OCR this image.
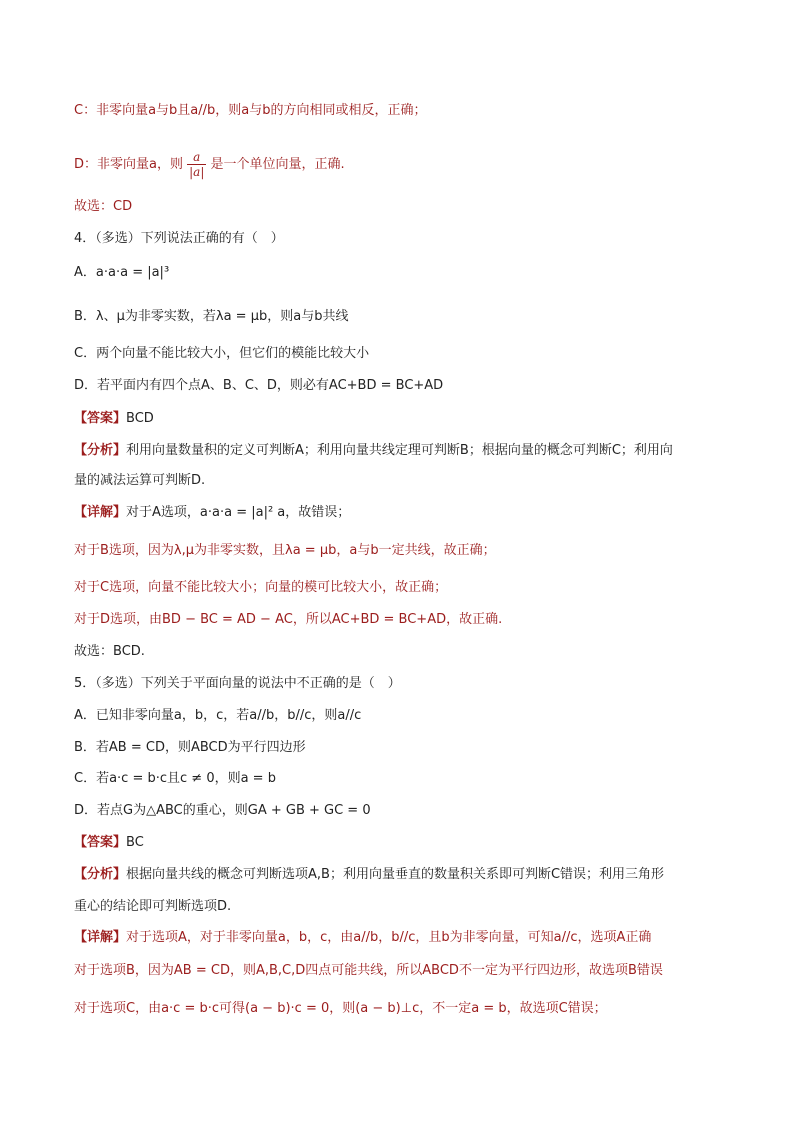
C：非零向量a与b且a//b，则a与b的方向相同或相反，正确；
D：非零向量a，则 $\frac{a}{|a|}$ 是一个单位向量，正确.
故选：CD
4．（多选）下列说法正确的有（　）
A．a·a·a = |a|³
B．λ、μ为非零实数，若λa = μb，则a与b共线
C．两个向量不能比较大小，但它们的模能比较大小
D．若平面内有四个点A、B、C、D，则必有AC+BD = BC+AD
【答案】BCD
【分析】利用向量数量积的定义可判断A；利用向量共线定理可判断B；根据向量的概念可判断C；利用向
量的减法运算可判断D.
【详解】对于A选项，a·a·a = |a|² a，故错误；
对于B选项，因为λ,μ为非零实数，且λa = μb，a与b一定共线，故正确；
对于C选项，向量不能比较大小；向量的模可比较大小，故正确；
对于D选项，由BD − BC = AD − AC，所以AC+BD = BC+AD，故正确.
故选：BCD.
5．（多选）下列关于平面向量的说法中不正确的是（　）
A．已知非零向量a，b，c，若a//b，b//c，则a//c
B．若AB = CD，则ABCD为平行四边形
C．若a·c = b·c且c ≠ 0，则a = b
D．若点G为△ABC的重心，则GA + GB + GC = 0
【答案】BC
【分析】根据向量共线的概念可判断选项A,B；利用向量垂直的数量积关系即可判断C错误；利用三角形
重心的结论即可判断选项D.
【详解】对于选项A，对于非零向量a，b，c，由a//b，b//c，且b为非零向量，可知a//c，选项A正确
对于选项B，因为AB = CD，则A,B,C,D四点可能共线，所以ABCD不一定为平行四边形，故选项B错误
对于选项C，由a·c = b·c可得(a − b)·c = 0，则(a − b)⊥c，不一定a = b，故选项C错误；
